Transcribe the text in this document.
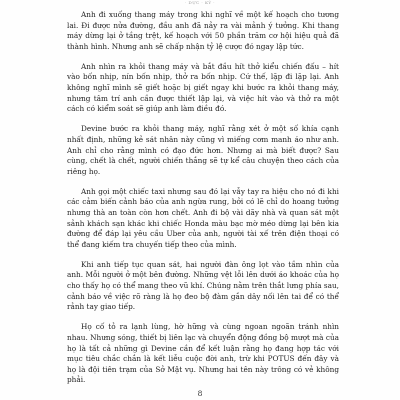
· DỰC · KÝ ·

Anh đi xuống thang máy trong khi nghĩ về một kế hoạch cho tương lai. Đi được nửa đường, đầu anh đã nảy ra vài mảnh ý tưởng. Khi thang máy dừng lại ở tầng trệt, kế hoạch với 50 phần trăm cơ hội hiệu quả đã thành hình. Nhưng anh sẽ chấp nhận tỷ lệ cược đó ngay lập tức.

Anh nhìn ra khỏi thang máy và bắt đầu hít thở kiểu chiến đấu – hít vào bốn nhịp, nín bốn nhịp, thở ra bốn nhịp. Cứ thế, lặp đi lặp lại. Anh không nghĩ mình sẽ giết hoặc bị giết ngay khi bước ra khỏi thang máy, nhưng tâm trí anh cần được thiết lập lại, và việc hít vào và thở ra một cách có kiểm soát sẽ giúp anh làm điều đó.

Devine bước ra khỏi thang máy, nghĩ rằng xét ở một số khía cạnh nhất định, những kẻ sát nhân này cũng vì miếng cơm manh áo như anh. Anh chỉ cho rằng mình có đạo đức hơn. Nhưng ai mà biết được? Sau cùng, chết là chết, người chiến thắng sẽ tự kể câu chuyện theo cách của riêng họ.

Anh gọi một chiếc taxi nhưng sau đó lại vẫy tay ra hiệu cho nó đi khi các cảm biến cảnh báo của anh ngừa rung, bởi có lẽ chỉ do hoang tưởng nhưng thà an toàn còn hơn chết. Anh đi bộ vài dãy nhà và quan sát một sảnh khách sạn khác khi chiếc Honda màu bạc mờ méo dừng lại bên kia đường để đáp lại yêu cầu Uber của anh, người tài xế trên điện thoại có thể đang kiếm tra chuyến tiếp theo của mình.

Khi anh tiếp tục quan sát, hai người đàn ông lọt vào tầm nhìn của anh. Mỗi người ở một bên đường. Những vệt lỗi lên dưới áo khoác của họ cho thấy họ có thể mang theo vũ khí. Chúng nằm trên thắt lưng phía sau, cảnh báo về việc rõ ràng là họ đeo bộ đàm gắn dây nối lên tai để có thể rảnh tay giao tiếp.

Họ cố tỏ ra lạnh lùng, hờ hững và cùng ngoan ngoãn tránh nhìn nhau. Nhưng sóng, thiết bị liên lạc và chuyển động đồng bộ mượt mà của họ là tất cả những gì Devine cần để kết luận rằng họ đang hợp tác với mục tiêu chắc chắn là kết liễu cuộc đời anh, trừ khi POTUS đến đây và họ là đội tiên trạm của Sở Mật vụ. Nhưng hai tên này trông có vẻ không phải.

8
